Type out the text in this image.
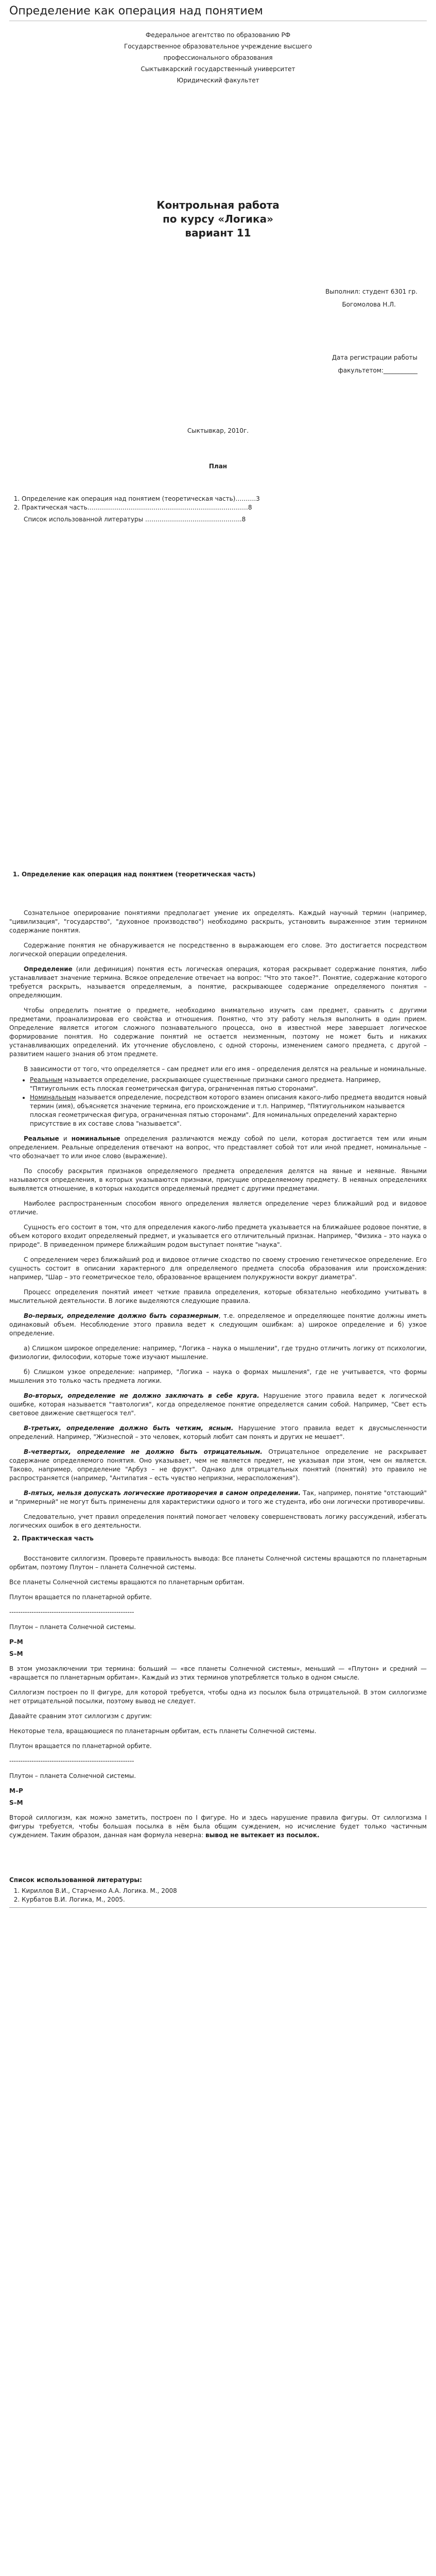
Определение как операция над понятием

Федеральное агентство по образованию РФ

Государственное образовательное учреждение высшего

профессионального образования

Сыктывкарский государственный университет

Юридический факультет

Контрольная работа

по курсу «Логика»

вариант 11

Выполнил: студент 6301 гр.

Богомолова Н.Л.

Дата регистрации работы

факультетом:___________

Сыктывкар, 2010г.

План

1. Определение как операция над понятием (теоретическая часть)……….3
2. Практическая часть……………………………………………………………………8

Список использованной литературы ………………………………………..8

1. Определение как операция над понятием (теоретическая часть)

Сознательное оперирование понятиями предполагает умение их определять. Каждый научный термин (например, "цивилизация", "государство", "духовное производство") необходимо раскрыть, установить выраженное этим термином содержание понятия.

Содержание понятия не обнаруживается не посредственно в выражающем его слове. Это достигается посредством логической операции определения.

Определение (или дефиниция) понятия есть логическая операция, которая раскрывает содержание понятия, либо устанавливает значение термина. Всякое определение отвечает на вопрос: "Что это такое?". Понятие, содержание которого требуется раскрыть, называется определяемым, а понятие, раскрывающее содержание определяемого понятия – определяющим.

Чтобы определить понятие о предмете, необходимо внимательно изучить сам предмет, сравнить с другими предметами, проанализировав его свойства и отношения. Понятно, что эту работу нельзя выполнить в один прием. Определение является итогом сложного познавательного процесса, оно в известной мере завершает логическое формирование понятия. Но содержание понятий не остается неизменным, поэтому не может быть и никаких устанавливающих определений. Их уточнение обусловлено, с одной стороны, изменением самого предмета, с другой – развитием нашего знания об этом предмете.

В зависимости от того, что определяется – сам предмет или его имя – определения делятся на реальные и номинальные.

• Реальным называется определение, раскрывающее существенные признаки самого предмета. Например, "Пятиугольник есть плоская геометрическая фигура, ограниченная пятью сторонами".
• Номинальным называется определение, посредством которого взамен описания какого-либо предмета вводится новый термин (имя), объясняется значение термина, его происхождение и т.п. Например, "Пятиугольником называется плоская геометрическая фигура, ограниченная пятью сторонами". Для номинальных определений характерно присутствие в их составе слова "называется".

Реальные и номинальные определения различаются между собой по цели, которая достигается тем или иным определением. Реальные определения отвечают на вопрос, что представляет собой тот или иной предмет, номинальные – что обозначает то или иное слово (выражение).

По способу раскрытия признаков определяемого предмета определения делятся на явные и неявные. Явными называются определения, в которых указываются признаки, присущие определяемому предмету. В неявных определениях выявляется отношение, в которых находится определяемый предмет с другими предметами.

Наиболее распространенным способом явного определения является определение через ближайший род и видовое отличие.

Сущность его состоит в том, что для определения какого-либо предмета указывается на ближайшее родовое понятие, в объем которого входит определяемый предмет, и указывается его отличительный признак. Например, "Физика – это наука о природе". В приведенном примере ближайшим родом выступает понятие "наука".

С определением через ближайший род и видовое отличие сходство по своему строению генетическое определение. Его сущность состоит в описании характерного для определяемого предмета способа образования или происхождения: например, "Шар – это геометрическое тело, образованное вращением полукружности вокруг диаметра".

Процесс определения понятий имеет четкие правила определения, которые обязательно необходимо учитывать в мыслительной деятельности. В логике выделяются следующие правила.

Во-первых, определение должно быть соразмерным, т.е. определяемое и определяющее понятие должны иметь одинаковый объем. Несоблюдение этого правила ведет к следующим ошибкам: а) широкое определение и б) узкое определение.

а) Слишком широкое определение: например, "Логика – наука о мышлении", где трудно отличить логику от психологии, физиологии, философии, которые тоже изучают мышление.

б) Слишком узкое определение: например, "Логика – наука о формах мышления", где не учитывается, что формы мышления это только часть предмета логики.

Во-вторых, определение не должно заключать в себе круга. Нарушение этого правила ведет к логической ошибке, которая называется "тавтология", когда определяемое понятие определяется самим собой. Например, "Свет есть световое движение светящегося тел".

В-третьих, определение должно быть четким, ясным. Нарушение этого правила ведет к двусмысленности определений. Например, "Жизнеспой – это человек, который любит сам понять и других не мешает".

В-четвертых, определение не должно быть отрицательным. Отрицательное определение не раскрывает содержание определяемого понятия. Оно указывает, чем не является предмет, не указывая при этом, чем он является. Таково, например, определение "Арбуз – не фрукт". Однако для отрицательных понятий (понятий) это правило не распространяется (например, "Антипатия – есть чувство неприязни, нерасположения").

В-пятых, нельзя допускать логические противоречия в самом определении. Так, например, понятие "отстающий" и "примерный" не могут быть применены для характеристики одного и того же студента, ибо они логически противоречивы.

Следовательно, учет правил определения понятий помогает человеку совершенствовать логику рассуждений, избегать логических ошибок в его деятельности.

2. Практическая часть

Восстановите силлогизм. Проверьте правильность вывода: Все планеты Солнечной системы вращаются по планетарным орбитам, поэтому Плутон – планета Солнечной системы.

Все планеты Солнечной системы вращаются по планетарным орбитам.

Плутон вращается по планетарной орбите.

--------------------------------------------------------

Плутон – планета Солнечной системы.

Р–М

S–М

В этом умозаключении три термина: больший — «все планеты Солнечной системы», меньший — «Плутон» и средний — «вращается по планетарным орбитам». Каждый из этих терминов употребляется только в одном смысле.

Силлогизм построен по II фигуре, для которой требуется, чтобы одна из посылок была отрицательной. В этом силлогизме нет отрицательной посылки, поэтому вывод не следует.

Давайте сравним этот силлогизм с другим:

Некоторые тела, вращающиеся по планетарным орбитам, есть планеты Солнечной системы.

Плутон вращается по планетарной орбите.

--------------------------------------------------------

Плутон – планета Солнечной системы.

М–Р

S–М

Второй силлогизм, как можно заметить, построен по I фигуре. Но и здесь нарушение правила фигуры. От силлогизма I фигуры требуется, чтобы большая посылка в нём была общим суждением, но исчисление будет только частичным суждением. Таким образом, данная нам формула неверна: вывод не вытекает из посылок.

Список использованной литературы:

1. Кириллов В.И., Старченко А.А. Логика. М., 2008
2. Курбатов В.И. Логика, М., 2005.
